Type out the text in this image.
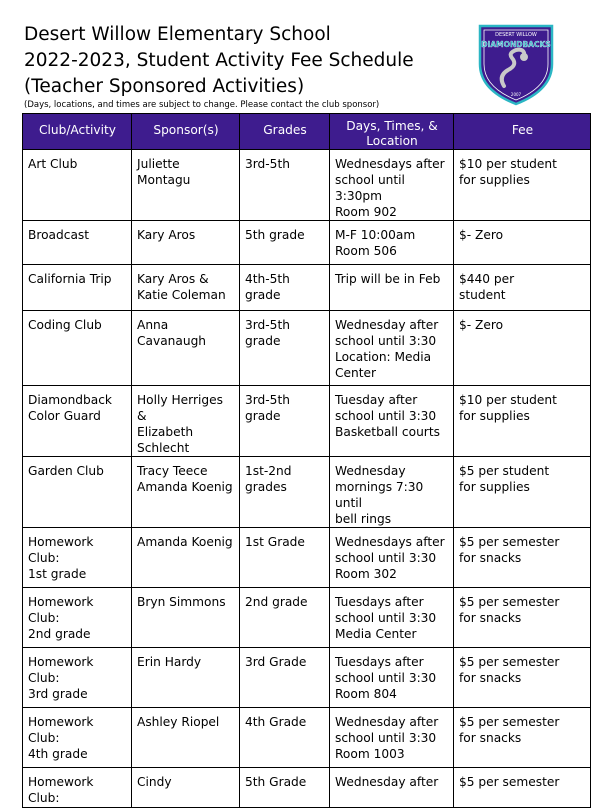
Desert Willow Elementary School
2022-2023, Student Activity Fee Schedule
(Teacher Sponsored Activities)
(Days, locations, and times are subject to change. Please contact the club sponsor)
DESERT WILLOW
DIAMONDBACKS
2007
Club/Activity	Sponsor(s)	Grades	Days, Times, &
Location	Fee
Art Club	Juliette
Montagu	3rd-5th	Wednesdays after
school until 3:30pm
Room 902	$10 per student
for supplies
Broadcast	Kary Aros	5th grade	M-F 10:00am
Room 506	$- Zero
California Trip	Kary Aros &
Katie Coleman	4th-5th
grade	Trip will be in Feb	$440 per
student
Coding Club	Anna
Cavanaugh	3rd-5th
grade	Wednesday after
school until 3:30
Location: Media
Center	$- Zero
Diamondback
Color Guard	Holly Herriges &
Elizabeth
Schlecht	3rd-5th
grade	Tuesday after
school until 3:30
Basketball courts	$10 per student
for supplies
Garden Club	Tracy Teece
Amanda Koenig	1st-2nd
grades	Wednesday
mornings 7:30 until
bell rings	$5 per student
for supplies
Homework Club:
1st grade	Amanda Koenig	1st Grade	Wednesdays after
school until 3:30
Room 302	$5 per semester
for snacks
Homework Club:
2nd grade	Bryn Simmons	2nd grade	Tuesdays after
school until 3:30
Media Center	$5 per semester
for snacks
Homework Club:
3rd grade	Erin Hardy	3rd Grade	Tuesdays after
school until 3:30
Room 804	$5 per semester
for snacks
Homework Club:
4th grade	Ashley Riopel	4th Grade	Wednesday after
school until 3:30
Room 1003	$5 per semester
for snacks
Homework Club:	Cindy	5th Grade	Wednesday after	$5 per semester
